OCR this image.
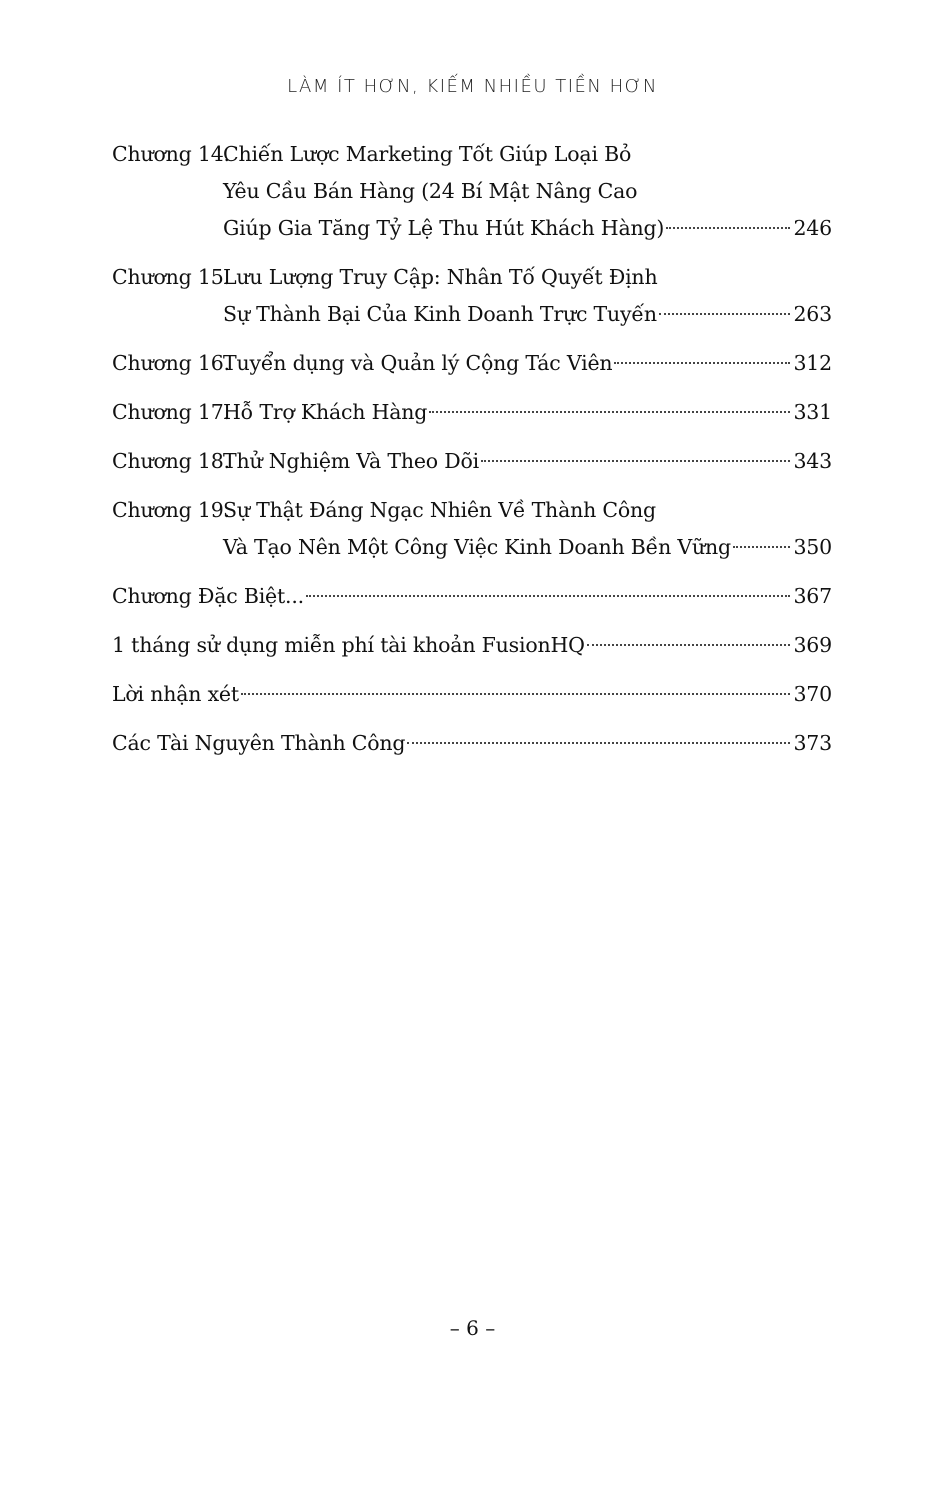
LÀM ÍT HƠN, KIẾM NHIỀU TIỀN HƠN
Chương 14.Chiến Lược Marketing Tốt Giúp Loại Bỏ
Yêu Cầu Bán Hàng (24 Bí Mật Nâng Cao
Giúp Gia Tăng Tỷ Lệ Thu Hút Khách Hàng)	246
Chương 15.Lưu Lượng Truy Cập: Nhân Tố Quyết Định
Sự Thành Bại Của Kinh Doanh Trực Tuyến	263
Chương 16.Tuyển dụng và Quản lý Cộng Tác Viên	312
Chương 17.Hỗ Trợ Khách Hàng	331
Chương 18.Thử Nghiệm Và Theo Dõi	343
Chương 19.Sự Thật Đáng Ngạc Nhiên Về Thành Công
Và Tạo Nên Một Công Việc Kinh Doanh Bền Vững	350
Chương Đặc Biệt...	367
1 tháng sử dụng miễn phí tài khoản FusionHQ	369
Lời nhận xét	370
Các Tài Nguyên Thành Công	373
– 6 –
